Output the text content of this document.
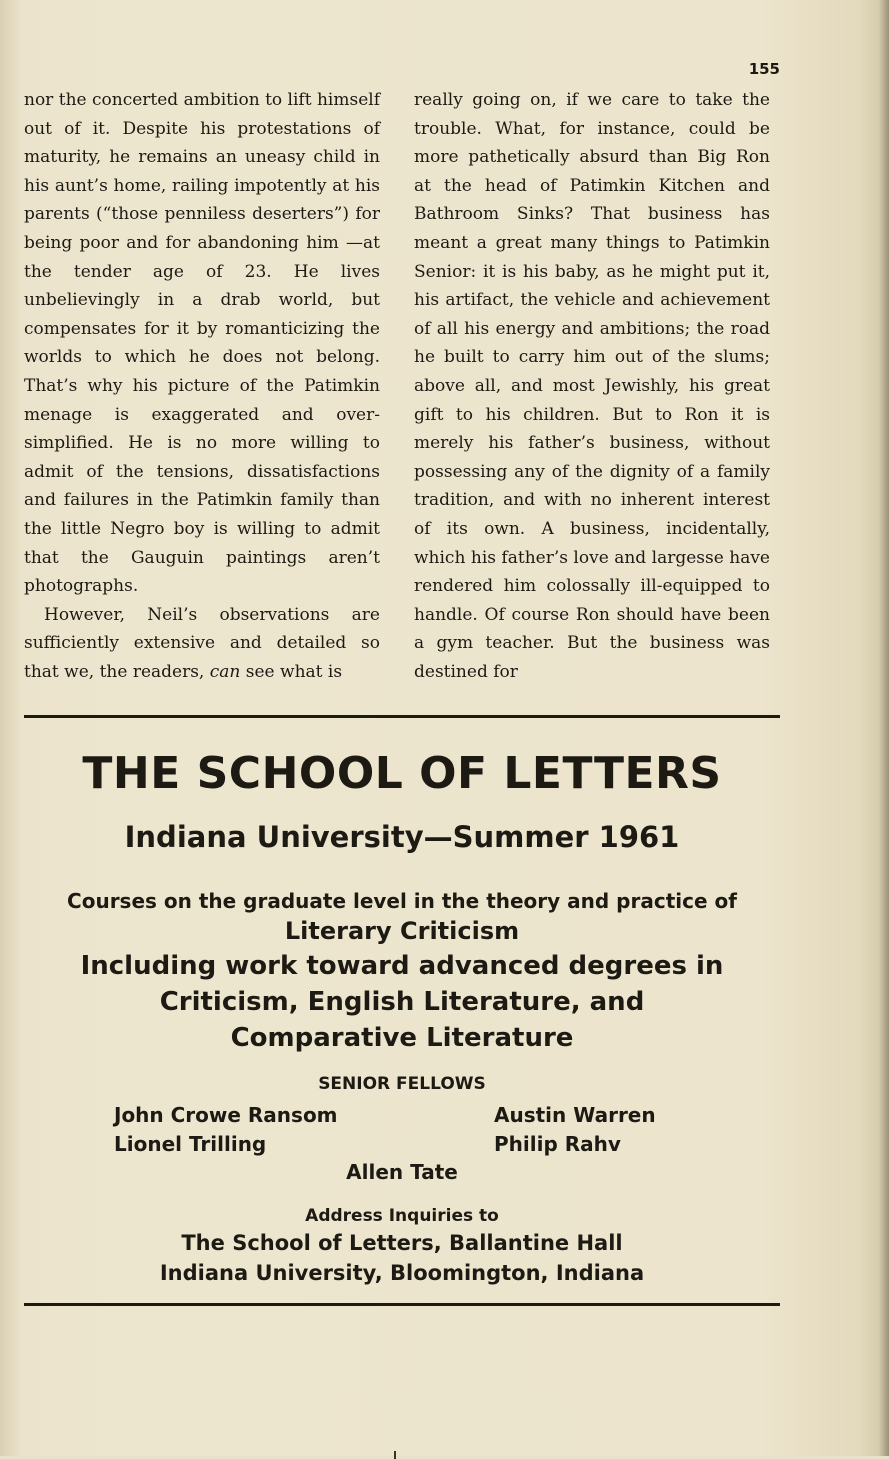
155

nor the concerted ambition to lift himself out of it. Despite his protestations of maturity, he remains an uneasy child in his aunt’s home, railing impotently at his parents (“those penniless deserters”) for being poor and for abandoning him —at the tender age of 23. He lives unbelievingly in a drab world, but compensates for it by romanticizing the worlds to which he does not belong. That’s why his picture of the Patimkin menage is exaggerated and over-simplified. He is no more willing to admit of the tensions, dissatisfactions and failures in the Patimkin family than the little Negro boy is willing to admit that the Gauguin paintings aren’t photographs.

However, Neil’s observations are sufficiently extensive and detailed so that we, the readers, can see what is

really going on, if we care to take the trouble. What, for instance, could be more pathetically absurd than Big Ron at the head of Patimkin Kitchen and Bathroom Sinks? That business has meant a great many things to Patimkin Senior: it is his baby, as he might put it, his artifact, the vehicle and achievement of all his energy and ambitions; the road he built to carry him out of the slums; above all, and most Jewishly, his great gift to his children. But to Ron it is merely his father’s business, without possessing any of the dignity of a family tradition, and with no inherent interest of its own. A business, incidentally, which his father’s love and largesse have rendered him colossally ill-equipped to handle. Of course Ron should have been a gym teacher. But the business was destined for

THE SCHOOL OF LETTERS
Indiana University—Summer 1961
Courses on the graduate level in the theory and practice of
Literary Criticism
Including work toward advanced degrees in
Criticism, English Literature, and
Comparative Literature
SENIOR FELLOWS
John Crowe Ransom
Lionel Trilling
Austin Warren
Philip Rahv
Allen Tate
Address Inquiries to
The School of Letters, Ballantine Hall
Indiana University, Bloomington, Indiana
